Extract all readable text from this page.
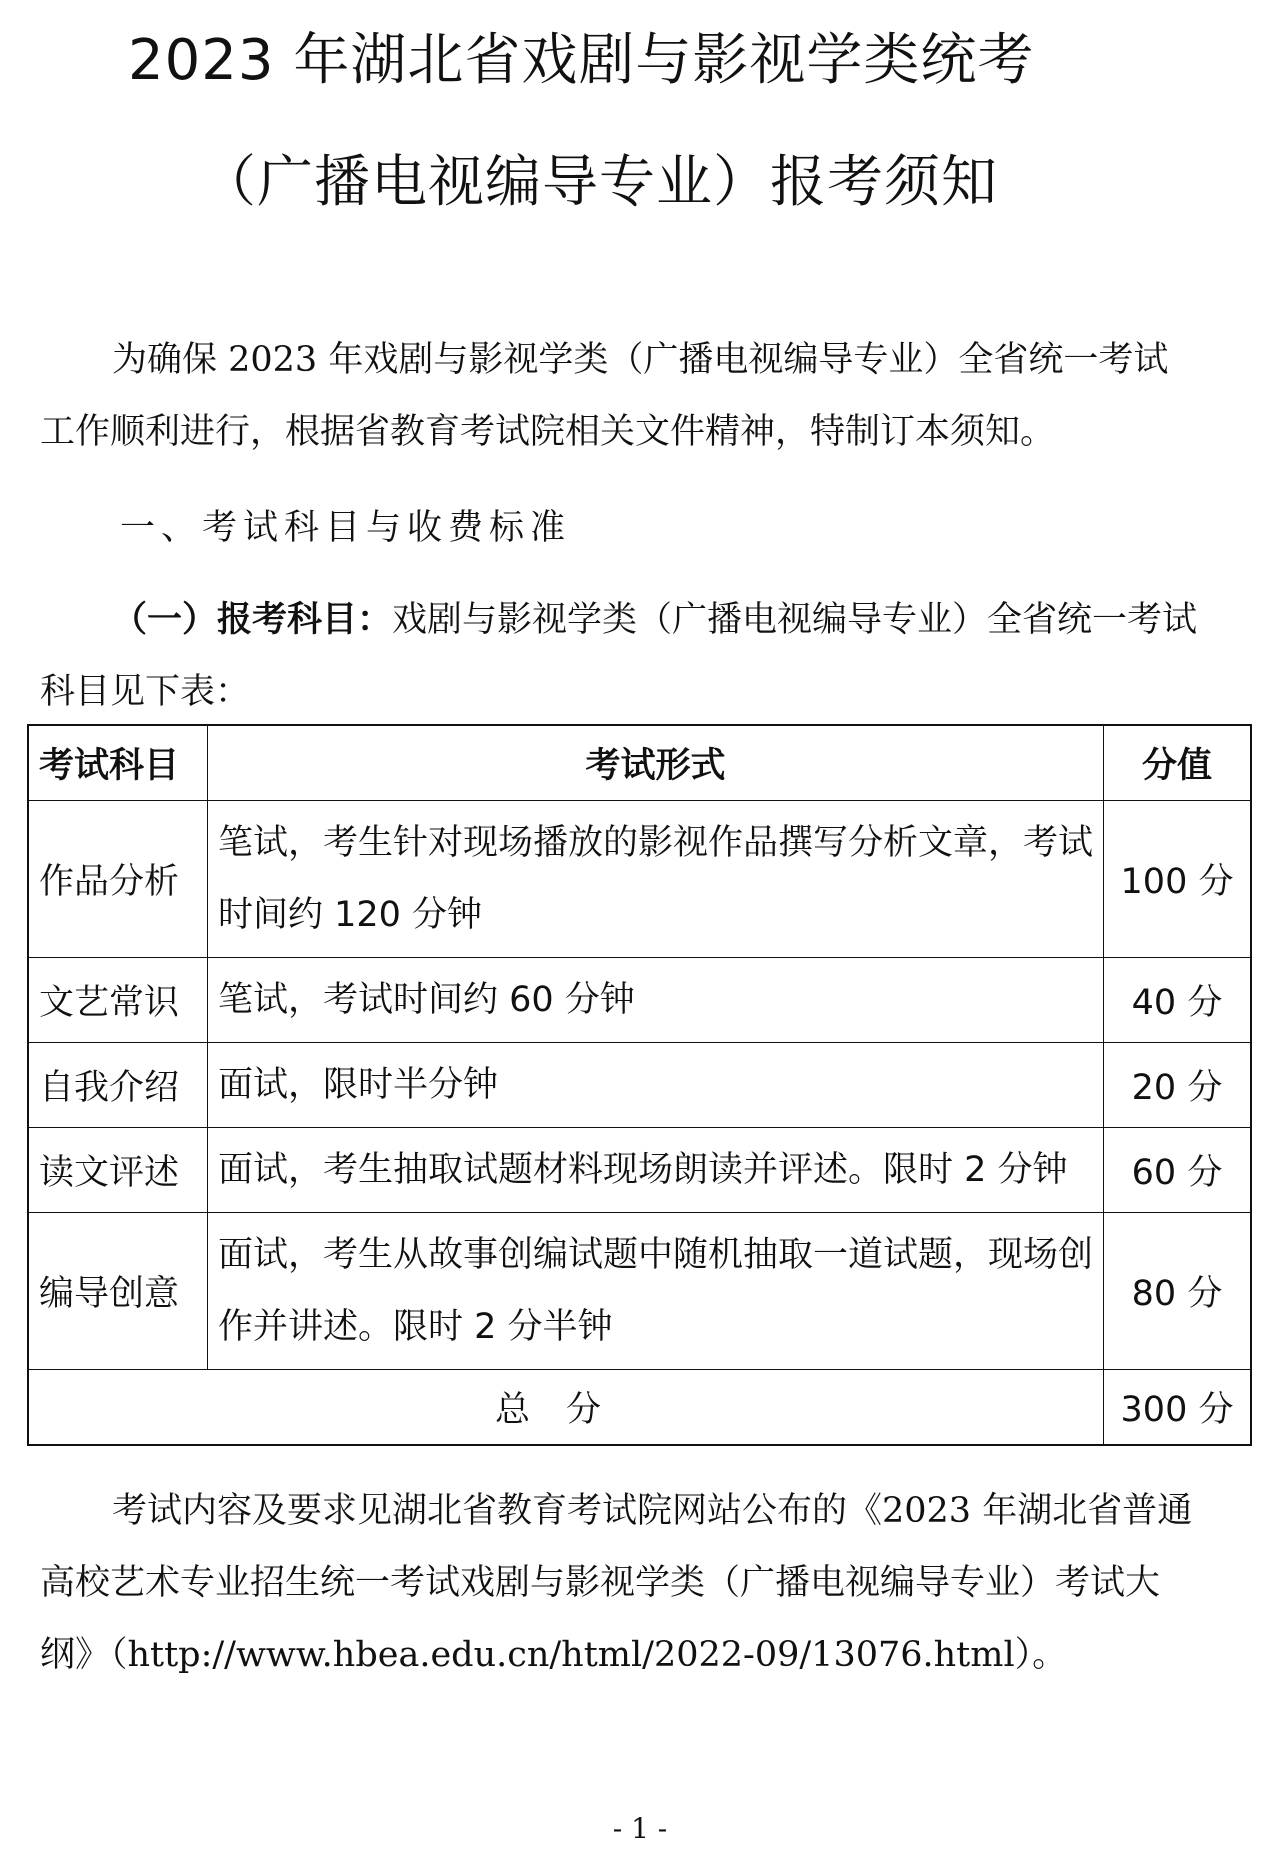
2023 年湖北省戏剧与影视学类统考
（广播电视编导专业）报考须知

为确保 2023 年戏剧与影视学类（广播电视编导专业）全省统一考试工作顺利进行，根据省教育考试院相关文件精神，特制订本须知。

一、考试科目与收费标准

（一）报考科目：戏剧与影视学类（广播电视编导专业）全省统一考试科目见下表：

考试科目	考试形式	分值
作品分析	笔试，考生针对现场播放的影视作品撰写分析文章，考试时间约 120 分钟	100 分
文艺常识	笔试，考试时间约 60 分钟	40 分
自我介绍	面试，限时半分钟	20 分
读文评述	面试，考生抽取试题材料现场朗读并评述。限时 2 分钟	60 分
编导创意	面试，考生从故事创编试题中随机抽取一道试题，现场创作并讲述。限时 2 分半钟	80 分
总分		300 分

考试内容及要求见湖北省教育考试院网站公布的《2023 年湖北省普通高校艺术专业招生统一考试戏剧与影视学类（广播电视编导专业）考试大纲》（http://www.hbea.edu.cn/html/2022-09/13076.html）。

- 1 -
